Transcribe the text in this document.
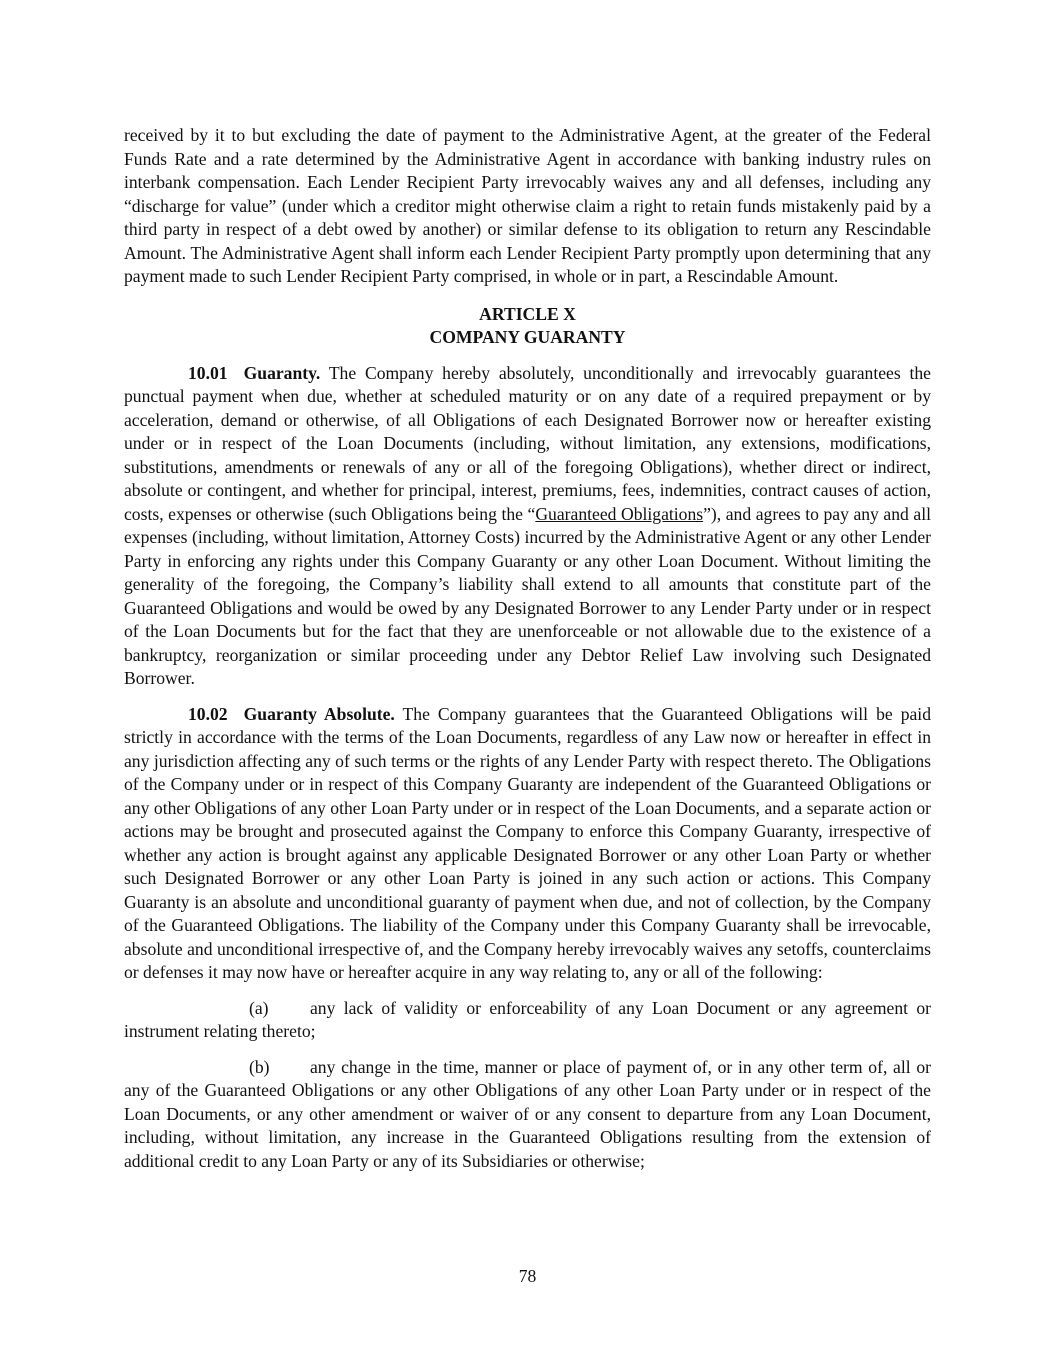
received by it to but excluding the date of payment to the Administrative Agent, at the greater of the Federal Funds Rate and a rate determined by the Administrative Agent in accordance with banking industry rules on interbank compensation. Each Lender Recipient Party irrevocably waives any and all defenses, including any “discharge for value” (under which a creditor might otherwise claim a right to retain funds mistakenly paid by a third party in respect of a debt owed by another) or similar defense to its obligation to return any Rescindable Amount. The Administrative Agent shall inform each Lender Recipient Party promptly upon determining that any payment made to such Lender Recipient Party comprised, in whole or in part, a Rescindable Amount.

ARTICLE X
COMPANY GUARANTY

10.01 Guaranty. The Company hereby absolutely, unconditionally and irrevocably guarantees the punctual payment when due, whether at scheduled maturity or on any date of a required prepayment or by acceleration, demand or otherwise, of all Obligations of each Designated Borrower now or hereafter existing under or in respect of the Loan Documents (including, without limitation, any extensions, modifications, substitutions, amendments or renewals of any or all of the foregoing Obligations), whether direct or indirect, absolute or contingent, and whether for principal, interest, premiums, fees, indemnities, contract causes of action, costs, expenses or otherwise (such Obligations being the “Guaranteed Obligations”), and agrees to pay any and all expenses (including, without limitation, Attorney Costs) incurred by the Administrative Agent or any other Lender Party in enforcing any rights under this Company Guaranty or any other Loan Document. Without limiting the generality of the foregoing, the Company’s liability shall extend to all amounts that constitute part of the Guaranteed Obligations and would be owed by any Designated Borrower to any Lender Party under or in respect of the Loan Documents but for the fact that they are unenforceable or not allowable due to the existence of a bankruptcy, reorganization or similar proceeding under any Debtor Relief Law involving such Designated Borrower.

10.02 Guaranty Absolute. The Company guarantees that the Guaranteed Obligations will be paid strictly in accordance with the terms of the Loan Documents, regardless of any Law now or hereafter in effect in any jurisdiction affecting any of such terms or the rights of any Lender Party with respect thereto. The Obligations of the Company under or in respect of this Company Guaranty are independent of the Guaranteed Obligations or any other Obligations of any other Loan Party under or in respect of the Loan Documents, and a separate action or actions may be brought and prosecuted against the Company to enforce this Company Guaranty, irrespective of whether any action is brought against any applicable Designated Borrower or any other Loan Party or whether such Designated Borrower or any other Loan Party is joined in any such action or actions. This Company Guaranty is an absolute and unconditional guaranty of payment when due, and not of collection, by the Company of the Guaranteed Obligations. The liability of the Company under this Company Guaranty shall be irrevocable, absolute and unconditional irrespective of, and the Company hereby irrevocably waives any setoffs, counterclaims or defenses it may now have or hereafter acquire in any way relating to, any or all of the following:

(a) any lack of validity or enforceability of any Loan Document or any agreement or instrument relating thereto;

(b) any change in the time, manner or place of payment of, or in any other term of, all or any of the Guaranteed Obligations or any other Obligations of any other Loan Party under or in respect of the Loan Documents, or any other amendment or waiver of or any consent to departure from any Loan Document, including, without limitation, any increase in the Guaranteed Obligations resulting from the extension of additional credit to any Loan Party or any of its Subsidiaries or otherwise;

78
